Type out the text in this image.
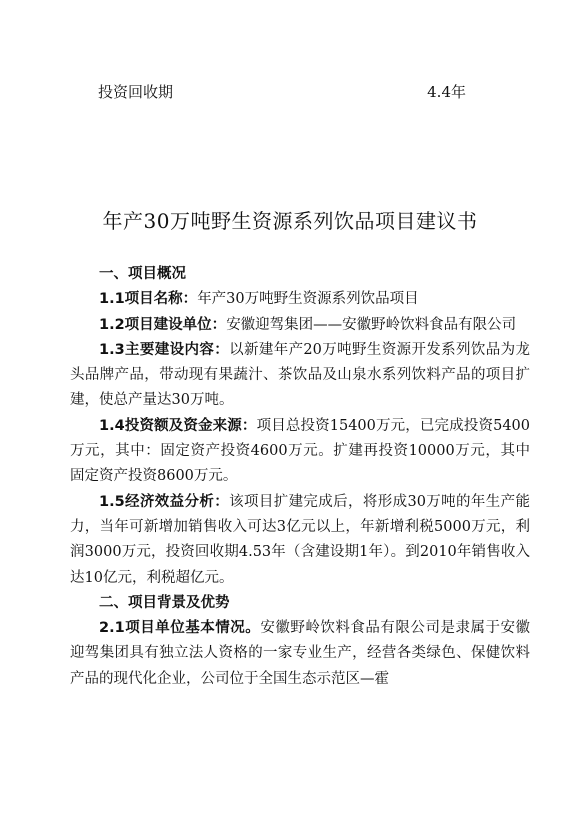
投资回收期	4.4年
年产30万吨野生资源系列饮品项目建议书
一、项目概况
1.1项目名称：年产30万吨野生资源系列饮品项目
1.2项目建设单位：安徽迎驾集团——安徽野岭饮料食品有限公司
1.3主要建设内容：以新建年产20万吨野生资源开发系列饮品为龙头品牌产品，带动现有果蔬汁、茶饮品及山泉水系列饮料产品的项目扩建，使总产量达30万吨。
1.4投资额及资金来源：项目总投资15400万元，已完成投资5400万元，其中：固定资产投资4600万元。扩建再投资10000万元，其中固定资产投资8600万元。
1.5经济效益分析：该项目扩建完成后，将形成30万吨的年生产能力，当年可新增加销售收入可达3亿元以上，年新增利税5000万元，利润3000万元，投资回收期4.53年（含建设期1年）。到2010年销售收入达10亿元，利税超亿元。
二、项目背景及优势
2.1项目单位基本情况。安徽野岭饮料食品有限公司是隶属于安徽迎驾集团具有独立法人资格的一家专业生产，经营各类绿色、保健饮料产品的现代化企业，公司位于全国生态示范区—霍
